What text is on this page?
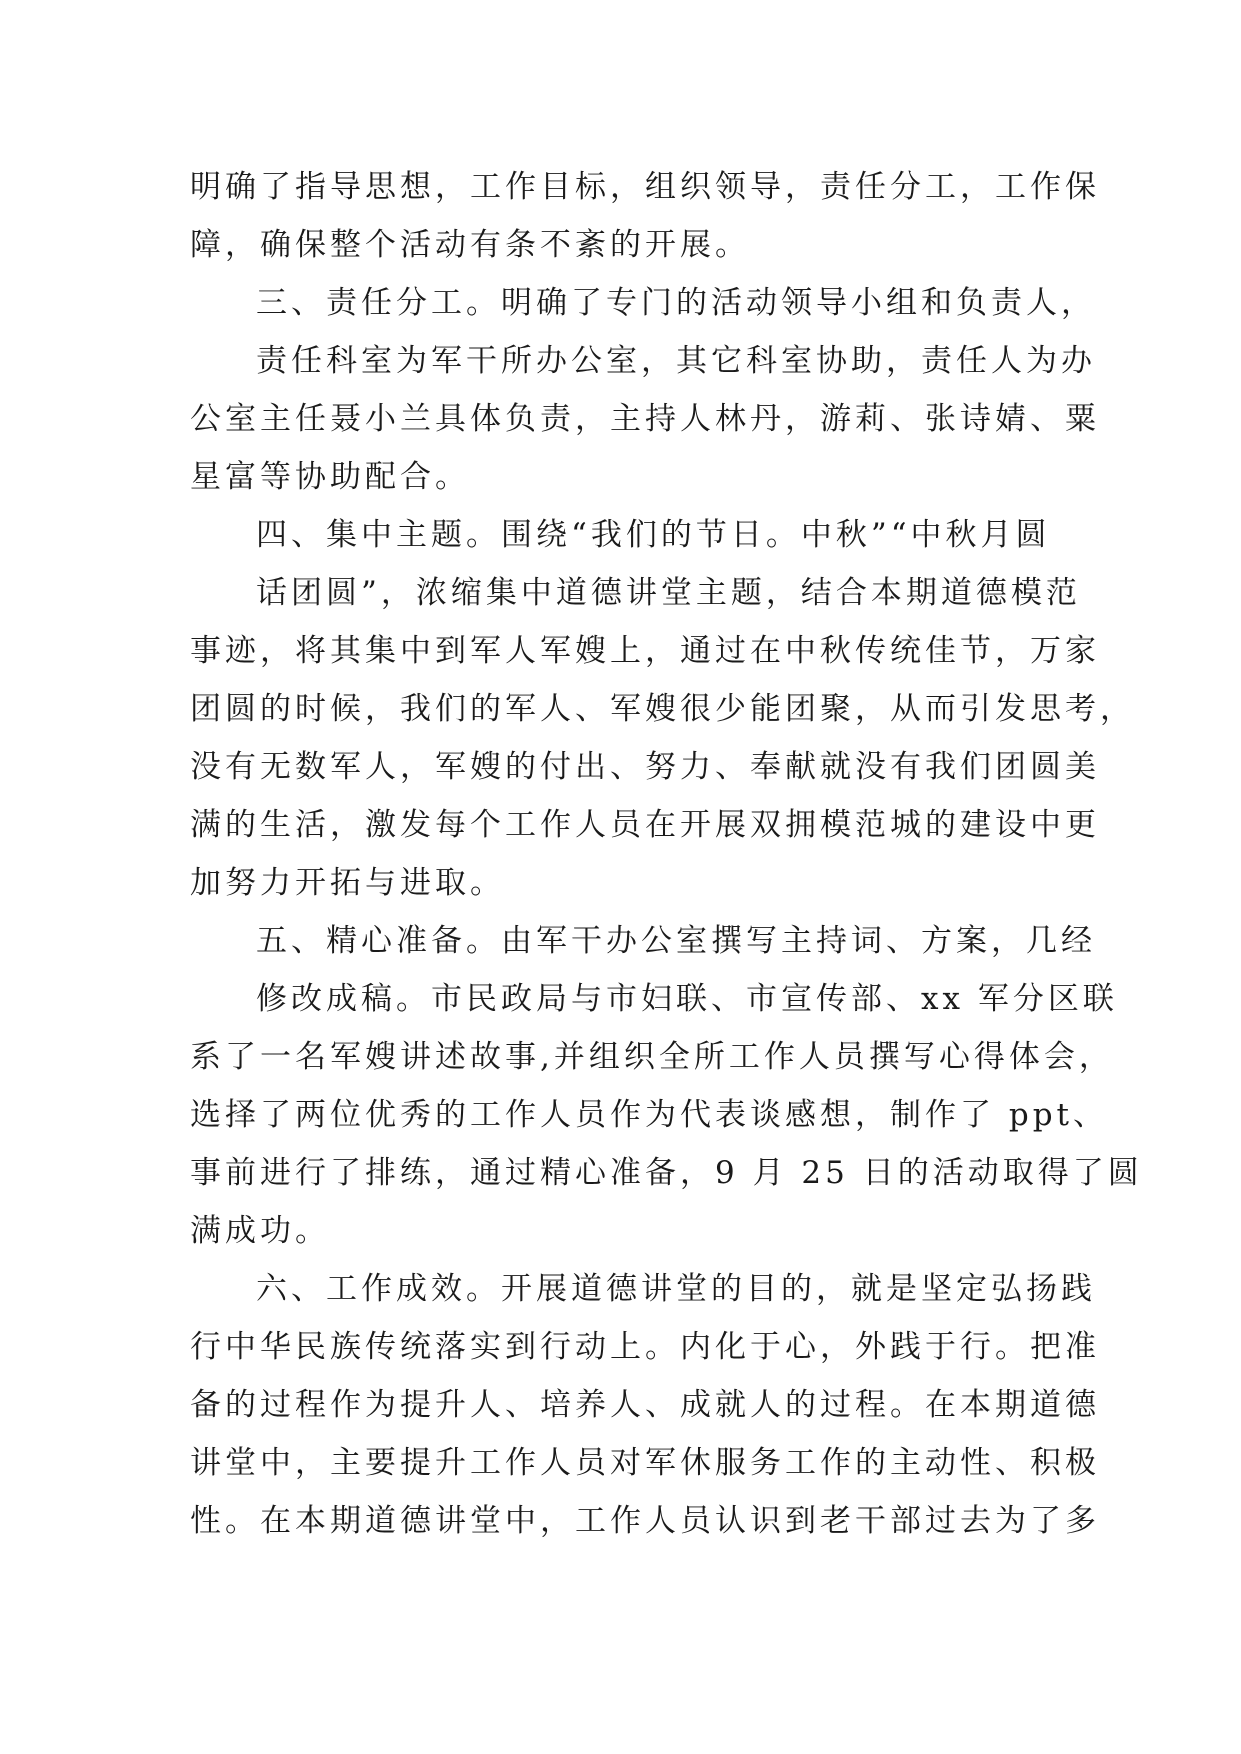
明确了指导思想，工作目标，组织领导，责任分工，工作保
障，确保整个活动有条不紊的开展。
三、责任分工。明确了专门的活动领导小组和负责人，
责任科室为军干所办公室，其它科室协助，责任人为办
公室主任聂小兰具体负责，主持人林丹，游莉、张诗婧、粟
星富等协助配合。
四、集中主题。围绕“我们的节日。中秋”“中秋月圆
话团圆”，浓缩集中道德讲堂主题，结合本期道德模范
事迹，将其集中到军人军嫂上，通过在中秋传统佳节，万家
团圆的时候，我们的军人、军嫂很少能团聚，从而引发思考，
没有无数军人，军嫂的付出、努力、奉献就没有我们团圆美
满的生活，激发每个工作人员在开展双拥模范城的建设中更
加努力开拓与进取。
五、精心准备。由军干办公室撰写主持词、方案，几经
修改成稿。市民政局与市妇联、市宣传部、xx 军分区联
系了一名军嫂讲述故事,并组织全所工作人员撰写心得体会，
选择了两位优秀的工作人员作为代表谈感想，制作了 ppt、
事前进行了排练，通过精心准备，9 月 25 日的活动取得了圆
满成功。
六、工作成效。开展道德讲堂的目的，就是坚定弘扬践
行中华民族传统落实到行动上。内化于心，外践于行。把准
备的过程作为提升人、培养人、成就人的过程。在本期道德
讲堂中，主要提升工作人员对军休服务工作的主动性、积极
性。在本期道德讲堂中，工作人员认识到老干部过去为了多
